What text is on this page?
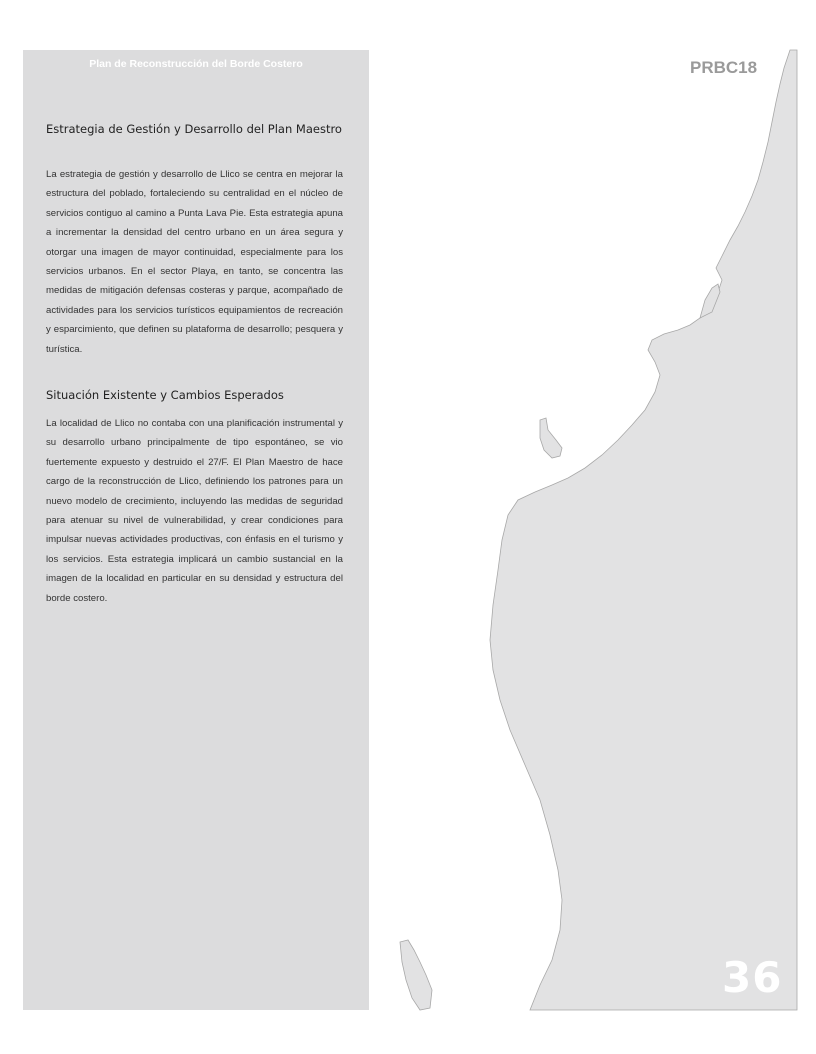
Plan de Reconstrucción del Borde Costero
Estrategia de Gestión y Desarrollo del Plan Maestro

La estrategia de gestión y desarrollo de Llico se centra en mejorar la estructura del poblado, fortaleciendo su centralidad en el núcleo de servicios contiguo al camino a Punta Lava Pie. Esta estrategia apuna a incrementar la densidad del centro urbano en un área segura y otorgar una imagen de mayor continuidad, especialmente para los servicios urbanos. En el sector Playa, en tanto, se concentra las medidas de mitigación defensas costeras y parque, acompañado de actividades para los servicios turísticos equipamientos de recreación y esparcimiento, que definen su plataforma de desarrollo; pesquera y turística.

Situación Existente y Cambios Esperados

La localidad de Llico no contaba con una planificación instrumental y su desarrollo urbano principalmente de tipo espontáneo, se vio fuertemente expuesto y destruido el 27/F. El Plan Maestro de hace cargo de la reconstrucción de Llico, definiendo los patrones para un nuevo modelo de crecimiento, incluyendo las medidas de seguridad para atenuar su nivel de vulnerabilidad, y crear condiciones para impulsar nuevas actividades productivas, con énfasis en el turismo y los servicios. Esta estrategia implicará un cambio sustancial en la imagen de la localidad en particular en su densidad y estructura del borde costero.

PRBC18
36
